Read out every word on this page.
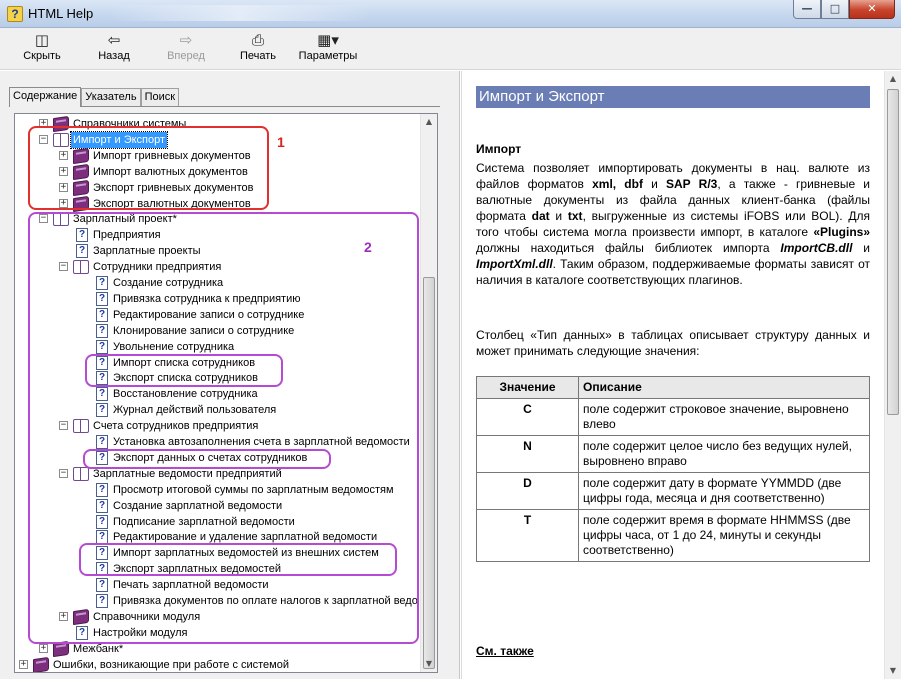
? HTML Help	—	□	✕
◫
Скрыть
⇦
Назад
⇨
Вперед
⎙
Печать
▦▾
Параметры
Содержание Указатель Поиск
+ Справочники системы
− Импорт и Экспорт
+ Импорт гривневых документов
+ Импорт валютных документов
+ Экспорт гривневых документов
+ Экспорт валютных документов
− Зарплатный проект*
? Предприятия
? Зарплатные проекты
− Сотрудники предприятия
? Создание сотрудника
? Привязка сотрудника к предприятию
? Редактирование записи о сотруднике
? Клонирование записи о сотруднике
? Увольнение сотрудника
? Импорт списка сотрудников
? Экспорт списка сотрудников
? Восстановление сотрудника
? Журнал действий пользователя
− Счета сотрудников предприятия
? Установка автозаполнения счета в зарплатной ведомости
? Экспорт данных о счетах сотрудников
− Зарплатные ведомости предприятий
? Просмотр итоговой суммы по зарплатным ведомостям
? Создание зарплатной ведомости
? Подписание зарплатной ведомости
? Редактирование и удаление зарплатной ведомости
? Импорт зарплатных ведомостей из внешних систем
? Экспорт зарплатных ведомостей
? Печать зарплатной ведомости
? Привязка документов по оплате налогов к зарплатной ведо
+ Справочники модуля
? Настройки модуля
+ Межбанк*
+ Ошибки, возникающие при работе с системой
1
2
▲
▼
Импорт и Экспорт
Импорт
Система позволяет импортировать документы в нац. валюте из файлов форматов xml, dbf и SAP R/3, а также - гривневые и валютные документы из файла данных клиент-банка (файлы формата dat и txt, выгруженные из системы iFOBS или BOL). Для того чтобы система могла произвести импорт, в каталоге «Plugins» должны находиться файлы библиотек импорта ImportCB.dll и ImportXml.dll. Таким образом, поддерживаемые форматы зависят от наличия в каталоге соответствующих плагинов.
Столбец «Тип данных» в таблицах описывает структуру данных и может принимать следующие значения:
Значение	Описание
C	поле содержит строковое значение, выровнено влево
N	поле содержит целое число без ведущих нулей, выровнено вправо
D	поле содержит дату в формате YYMMDD (две цифры года, месяца и дня соответственно)
T	поле содержит время в формате HHMMSS (две цифры часа, от 1 до 24, минуты и секунды соответственно)
См. также
▲
▼
